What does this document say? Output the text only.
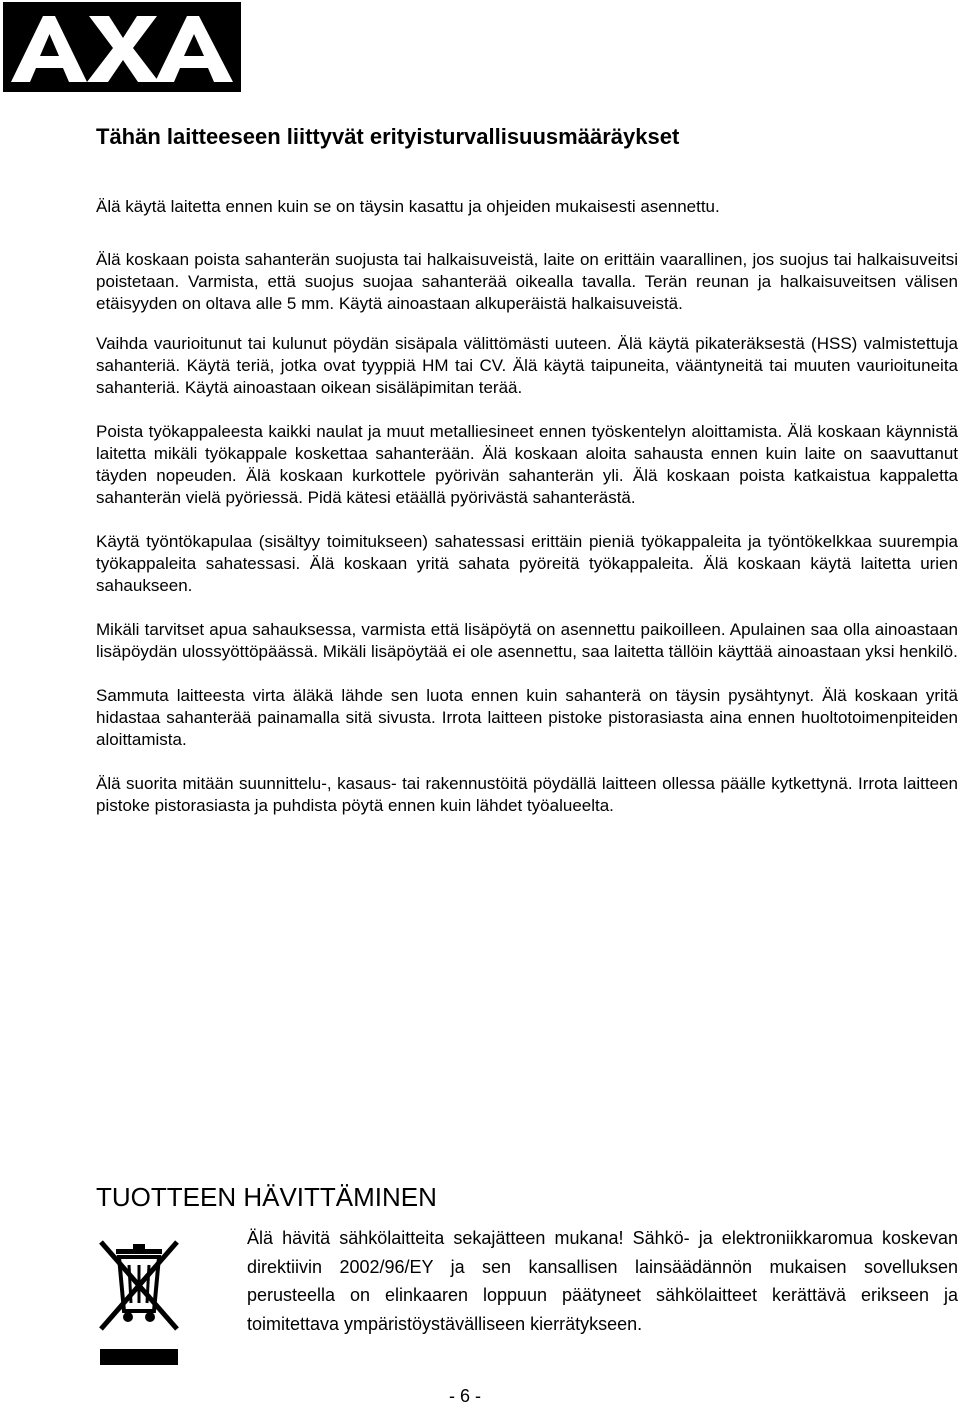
Tähän laitteeseen liittyvät erityisturvallisuusmääräykset

Älä käytä laitetta ennen kuin se on täysin kasattu ja ohjeiden mukaisesti asennettu.

Älä koskaan poista sahanterän suojusta tai halkaisuveistä, laite on erittäin vaarallinen, jos suojus tai halkaisuveitsi poistetaan. Varmista, että suojus suojaa sahanterää oikealla tavalla. Terän reunan ja halkaisuveitsen välisen etäisyyden on oltava alle 5 mm. Käytä ainoastaan alkuperäistä halkaisuveistä.

Vaihda vaurioitunut tai kulunut pöydän sisäpala välittömästi uuteen. Älä käytä pikateräksestä (HSS) valmistettuja sahanteriä. Käytä teriä, jotka ovat tyyppiä HM tai CV. Älä käytä taipuneita, vääntyneitä tai muuten vaurioituneita sahanteriä. Käytä ainoastaan oikean sisäläpimitan terää.

Poista työkappaleesta kaikki naulat ja muut metalliesineet ennen työskentelyn aloittamista. Älä koskaan käynnistä laitetta mikäli työkappale koskettaa sahanterään. Älä koskaan aloita sahausta ennen kuin laite on saavuttanut täyden nopeuden. Älä koskaan kurkottele pyörivän sahanterän yli. Älä koskaan poista katkaistua kappaletta sahanterän vielä pyöriessä. Pidä kätesi etäällä pyörivästä sahanterästä.

Käytä työntökapulaa (sisältyy toimitukseen) sahatessasi erittäin pieniä työkappaleita ja työntökelkkaa suurempia työkappaleita sahatessasi. Älä koskaan yritä sahata pyöreitä työkappaleita. Älä koskaan käytä laitetta urien sahaukseen.

Mikäli tarvitset apua sahauksessa, varmista että lisäpöytä on asennettu paikoilleen. Apulainen saa olla ainoastaan lisäpöydän ulossyöttöpäässä. Mikäli lisäpöytää ei ole asennettu, saa laitetta tällöin käyttää ainoastaan yksi henkilö.

Sammuta laitteesta virta äläkä lähde sen luota ennen kuin sahanterä on täysin pysähtynyt. Älä koskaan yritä hidastaa sahanterää painamalla sitä sivusta. Irrota laitteen pistoke pistorasiasta aina ennen huoltotoimenpiteiden aloittamista.

Älä suorita mitään suunnittelu-, kasaus- tai rakennustöitä pöydällä laitteen ollessa päälle kytkettynä. Irrota laitteen pistoke pistorasiasta ja puhdista pöytä ennen kuin lähdet työalueelta.

TUOTTEEN HÄVITTÄMINEN

Älä hävitä sähkölaitteita sekajätteen mukana! Sähkö- ja elektroniikkaromua koskevan direktiivin 2002/96/EY ja sen kansallisen lainsäädännön mukaisen sovelluksen perusteella on elinkaaren loppuun päätyneet sähkölaitteet kerättävä erikseen ja toimitettava ympäristöystävälliseen kierrätykseen.

- 6 -
